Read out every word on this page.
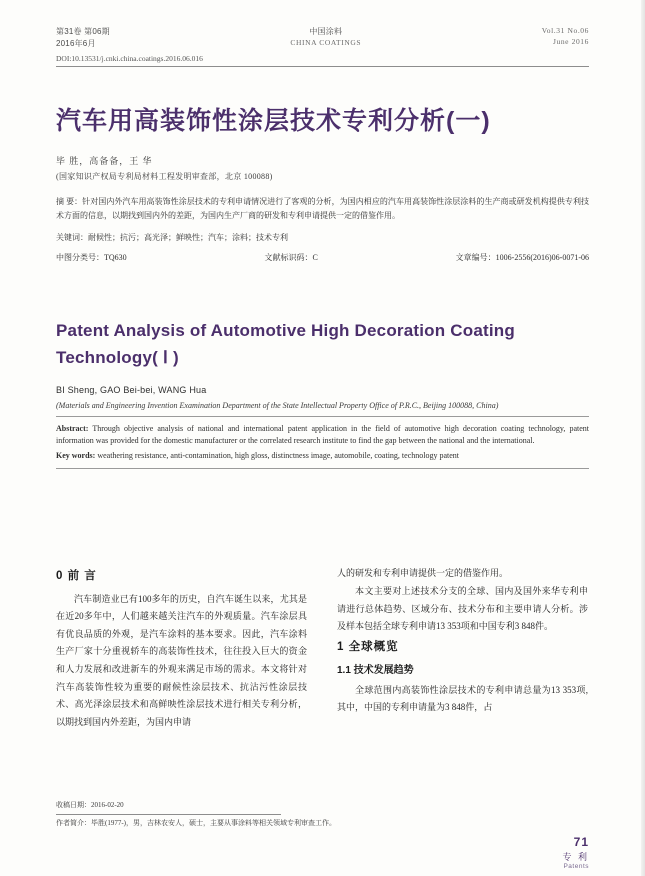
第31卷 第06期
2016年6月
中国涂料
CHINA COATINGS
Vol.31 No.06
June 2016
DOI:10.13531/j.cnki.china.coatings.2016.06.016
汽车用高装饰性涂层技术专利分析(一)
毕 胜，高备备，王 华
(国家知识产权局专利局材料工程发明审查部，北京 100088)
摘 要：针对国内外汽车用高装饰性涂层技术的专利申请情况进行了客观的分析，为国内相应的汽车用高装饰性涂层涂料的生产商或研发机构提供专利技术方面的信息，以期找到国内外的差距，为国内生产厂商的研发和专利申请提供一定的借鉴作用。
关键词：耐候性；抗污；高光泽；鲜映性；汽车；涂料；技术专利
中图分类号：TQ630	文献标识码：C	文章编号：1006-2556(2016)06-0071-06
Patent Analysis of Automotive High Decoration Coating Technology( Ⅰ )
BI Sheng, GAO Bei-bei, WANG Hua
(Materials and Engineering Invention Examination Department of the State Intellectual Property Office of P.R.C., Beijing 100088, China)
Abstract: Through objective analysis of national and international patent application in the field of automotive high decoration coating technology, patent information was provided for the domestic manufacturer or the correlated research institute to find the gap between the national and the international.
Key words: weathering resistance, anti-contamination, high gloss, distinctness image, automobile, coating, technology patent
0 前 言

汽车制造业已有100多年的历史，自汽车诞生以来，尤其是在近20多年中，人们越来越关注汽车的外观质量。汽车涂层具有优良品质的外观，是汽车涂料的基本要求。因此，汽车涂料生产厂家十分重视轿车的高装饰性技术，往往投入巨大的资金和人力发展和改进新车的外观来满足市场的需求。本文将针对汽车高装饰性较为重要的耐候性涂层技术、抗沾污性涂层技术、高光泽涂层技术和高鲜映性涂层技术进行相关专利分析，以期找到国内外差距，为国内申请

人的研发和专利申请提供一定的借鉴作用。

本文主要对上述技术分支的全球、国内及国外来华专利申请进行总体趋势、区域分布、技术分布和主要申请人分析。涉及样本包括全球专利申请13 353项和中国专利3 848件。

1 全球概览
1.1 技术发展趋势

全球范围内高装饰性涂层技术的专利申请总量为13 353项,其中，中国的专利申请量为3 848件，占

收稿日期：2016-02-20
作者简介：毕胜(1977-)，男，吉林农安人，硕士，主要从事涂料等相关领域专利审查工作。
71
专 利
Patents
